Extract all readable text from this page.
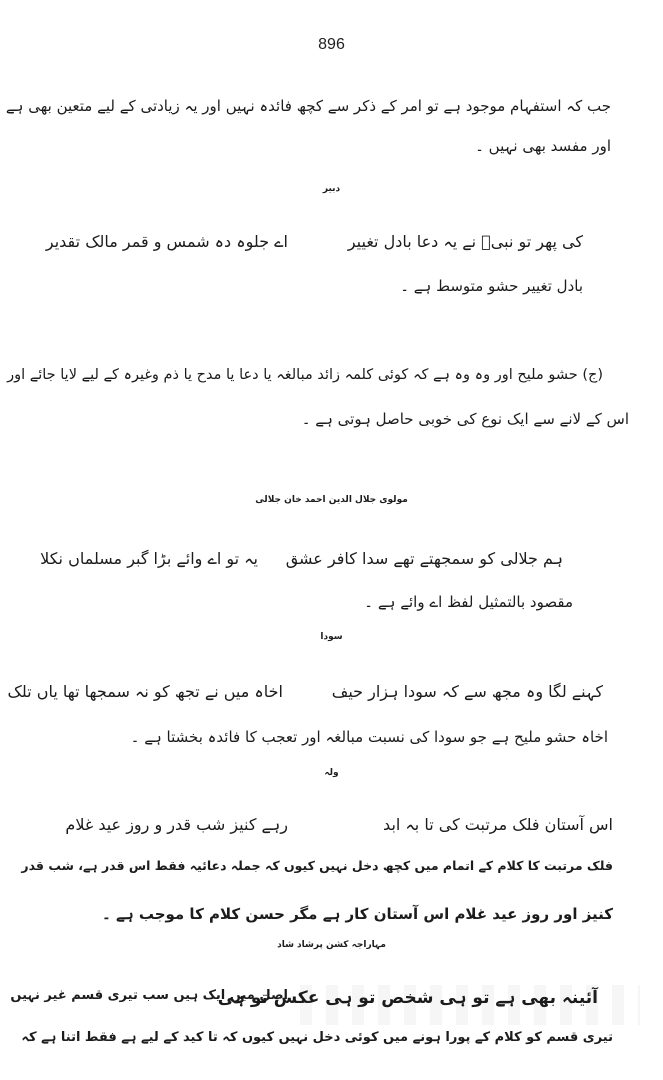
896
جب کہ استفہام موجود ہے تو امر کے ذکر سے کچھ فائدہ نہیں اور یہ زیادتی کے لیے متعین بھی ہے
اور مفسد بھی نہیں ۔
دبیر
کی پھر تو نبیؐ نے یہ دعا بادل تغییر
اے جلوہ دہ شمس و قمر مالک تقدیر
بادل تغییر حشو متوسط ہے ۔
(ج) حشو ملیح اور وہ وہ ہے کہ کوئی کلمہ زائد مبالغہ یا دعا یا مدح یا ذم وغیرہ کے لیے لایا جائے اور
اس کے لانے سے ایک نوع کی خوبی حاصل ہوتی ہے ۔
مولوی جلال الدین احمد خان جلالی
ہم جلالی کو سمجھتے تھے سدا کافر عشق
یہ تو اے وائے بڑا گبر مسلماں نکلا
مقصود بالتمثیل لفظ اے وائے ہے ۔
سودا
کہنے لگا وہ مجھ سے کہ سودا ہزار حیف
اخاہ میں نے تجھ کو نہ سمجھا تھا یاں تلک
اخاہ حشو ملیح ہے جو سودا کی نسبت مبالغہ اور تعجب کا فائدہ بخشتا ہے ۔
ولہ
اس آستان فلک مرتبت کی تا بہ ابد
رہے کنیز شب قدر و روز عید غلام
فلک مرتبت کا کلام کے اتمام میں کچھ دخل نہیں کیوں کہ جملہ دعائیہ فقط اس قدر ہے، شب قدر
کنیز اور روز عید غلام اس آستان کار ہے مگر حسن کلام کا موجب ہے ۔
مہاراجہ کشن پرشاد شاد
آئینہ بھی ہے تو ہی شخص تو ہی عکس تو ہی
اصل میں ایک ہیں سب تیری قسم غیر نہیں
تیری قسم کو کلام کے پورا ہونے میں کوئی دخل نہیں کیوں کہ تا کید کے لیے ہے فقط اتنا ہے کہ
